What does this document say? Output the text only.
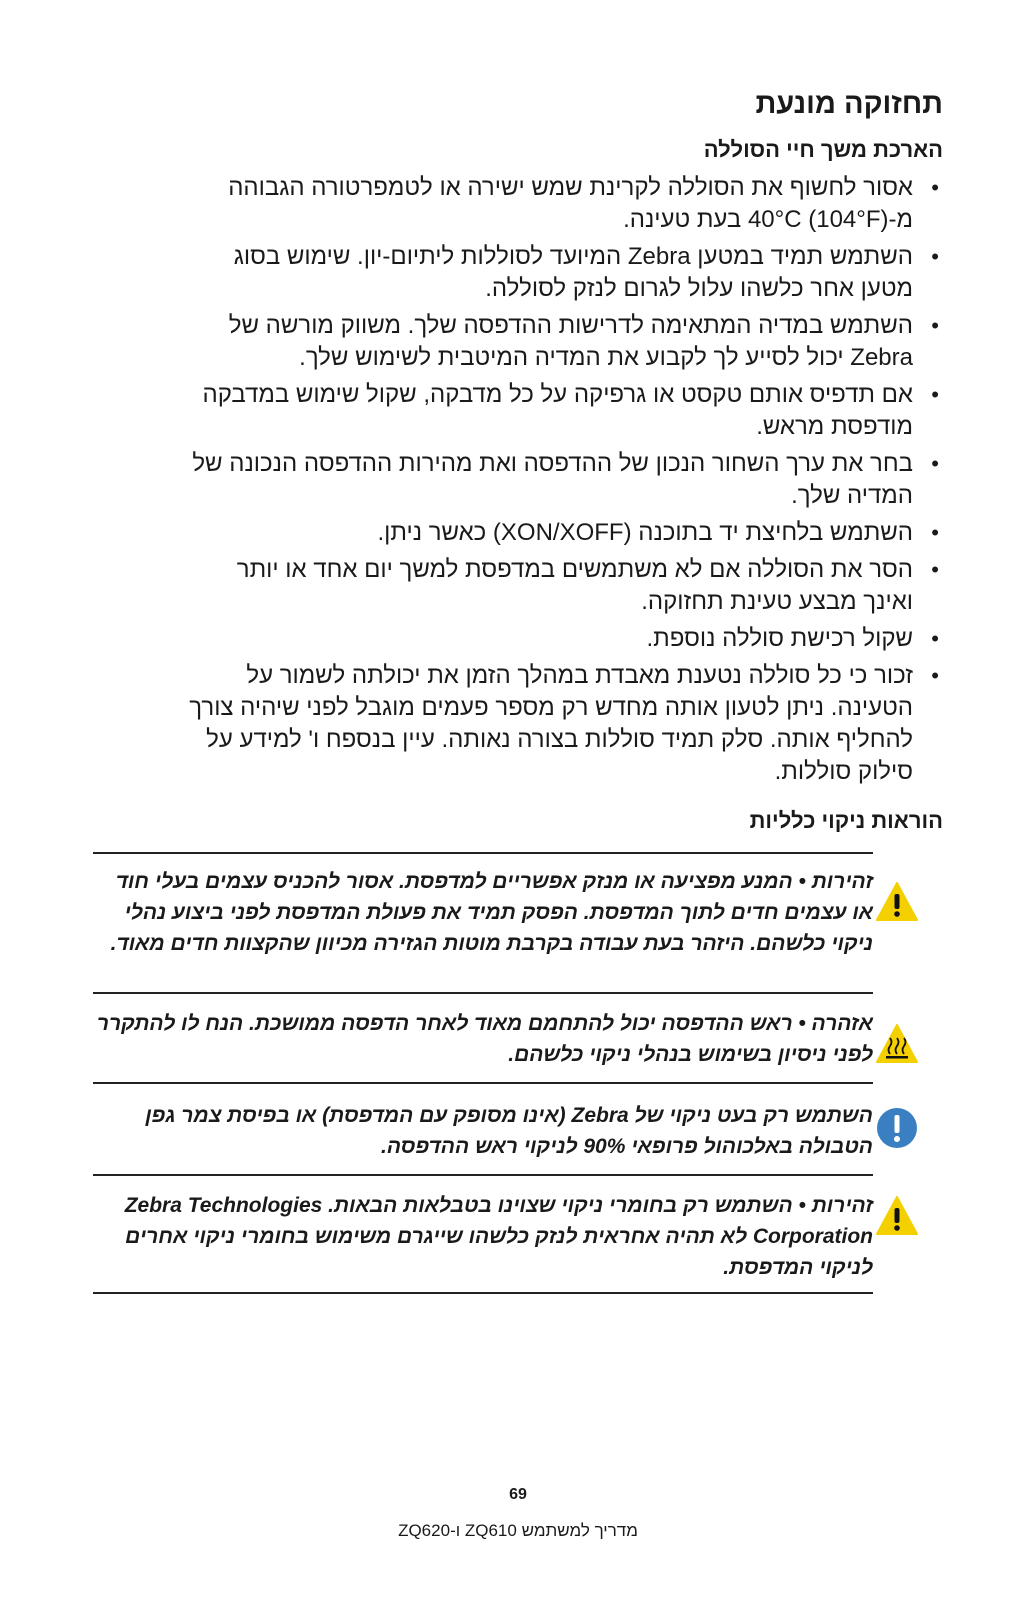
תחזוקה מונעת
הארכת משך חיי הסוללה
•
אסור לחשוף את הסוללה לקרינת שמש ישירה או לטמפרטורה הגבוהה מ-40°C (104°F) בעת טעינה.
•
השתמש תמיד במטען Zebra המיועד לסוללות ליתיום-יון. שימוש בסוג מטען אחר כלשהו עלול לגרום לנזק לסוללה.
•
השתמש במדיה המתאימה לדרישות ההדפסה שלך. משווק מורשה של Zebra יכול לסייע לך לקבוע את המדיה המיטבית לשימוש שלך.
•
אם תדפיס אותם טקסט או גרפיקה על כל מדבקה, שקול שימוש במדבקה מודפסת מראש.
•
בחר את ערך השחור הנכון של ההדפסה ואת מהירות ההדפסה הנכונה של המדיה שלך.
•
השתמש בלחיצת יד בתוכנה (XON/XOFF) כאשר ניתן.
•
הסר את הסוללה אם לא משתמשים במדפסת למשך יום אחד או יותר ואינך מבצע טעינת תחזוקה.
•
שקול רכישת סוללה נוספת.
•
זכור כי כל סוללה נטענת מאבדת במהלך הזמן את יכולתה לשמור על הטעינה. ניתן לטעון אותה מחדש רק מספר פעמים מוגבל לפני שיהיה צורך להחליף אותה. סלק תמיד סוללות בצורה נאותה. עיין בנספח ו' למידע על סילוק סוללות.
הוראות ניקוי כלליות
זהירות • המנע מפציעה או מנזק אפשריים למדפסת. אסור להכניס עצמים בעלי חוד או עצמים חדים לתוך המדפסת. הפסק תמיד את פעולת המדפסת לפני ביצוע נהלי ניקוי כלשהם. היזהר בעת עבודה בקרבת מוטות הגזירה מכיוון שהקצוות חדים מאוד.
אזהרה • ראש ההדפסה יכול להתחמם מאוד לאחר הדפסה ממושכת. הנח לו להתקרר לפני ניסיון בשימוש בנהלי ניקוי כלשהם.
השתמש רק בעט ניקוי של Zebra (אינו מסופק עם המדפסת) או בפיסת צמר גפן הטבולה באלכוהול פרופאי 90% לניקוי ראש ההדפסה.
זהירות • השתמש רק בחומרי ניקוי שצוינו בטבלאות הבאות. Zebra Technologies Corporation לא תהיה אחראית לנזק כלשהו שייגרם משימוש בחומרי ניקוי אחרים לניקוי המדפסת.
69
מדריך למשתמש ZQ610 ו-ZQ620
